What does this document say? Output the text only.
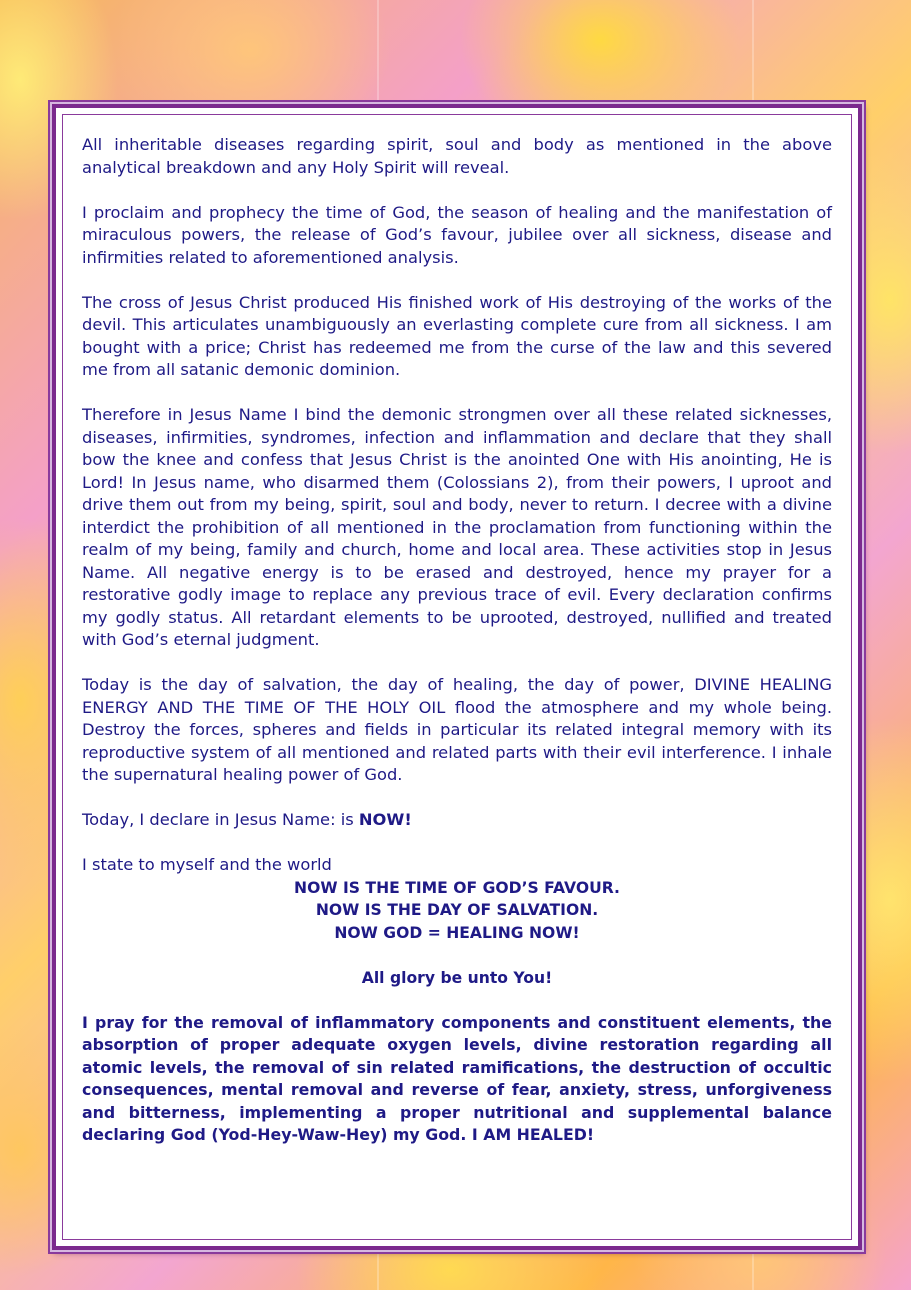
All inheritable diseases regarding spirit, soul and body as mentioned in the above analytical breakdown and any Holy Spirit will reveal.

I proclaim and prophecy the time of God, the season of healing and the manifestation of miraculous powers, the release of God’s favour, jubilee over all sickness, disease and infirmities related to aforementioned analysis.

The cross of Jesus Christ produced His finished work of His destroying of the works of the devil. This articulates unambiguously an everlasting complete cure from all sickness. I am bought with a price; Christ has redeemed me from the curse of the law and this severed me from all satanic demonic dominion.

Therefore in Jesus Name I bind the demonic strongmen over all these related sicknesses, diseases, infirmities, syndromes, infection and inflammation and declare that they shall bow the knee and confess that Jesus Christ is the anointed One with His anointing, He is Lord! In Jesus name, who disarmed them (Colossians 2), from their powers, I uproot and drive them out from my being, spirit, soul and body, never to return. I decree with a divine interdict the prohibition of all mentioned in the proclamation from functioning within the realm of my being, family and church, home and local area. These activities stop in Jesus Name. All negative energy is to be erased and destroyed, hence my prayer for a restorative godly image to replace any previous trace of evil. Every declaration confirms my godly status. All retardant elements to be uprooted, destroyed, nullified and treated with God’s eternal judgment.

Today is the day of salvation, the day of healing, the day of power, DIVINE HEALING ENERGY AND THE TIME OF THE HOLY OIL flood the atmosphere and my whole being. Destroy the forces, spheres and fields in particular its related integral memory with its reproductive system of all mentioned and related parts with their evil interference. I inhale the supernatural healing power of God.

Today, I declare in Jesus Name: is NOW!

I state to myself and the world

NOW IS THE TIME OF GOD’S FAVOUR.

NOW IS THE DAY OF SALVATION.

NOW GOD = HEALING NOW!

All glory be unto You!

I pray for the removal of inflammatory components and constituent elements, the absorption of proper adequate oxygen levels, divine restoration regarding all atomic levels, the removal of sin related ramifications, the destruction of occultic consequences, mental removal and reverse of fear, anxiety, stress, unforgiveness and bitterness, implementing a proper nutritional and supplemental balance declaring God (Yod-Hey-Waw-Hey) my God. I AM HEALED!
